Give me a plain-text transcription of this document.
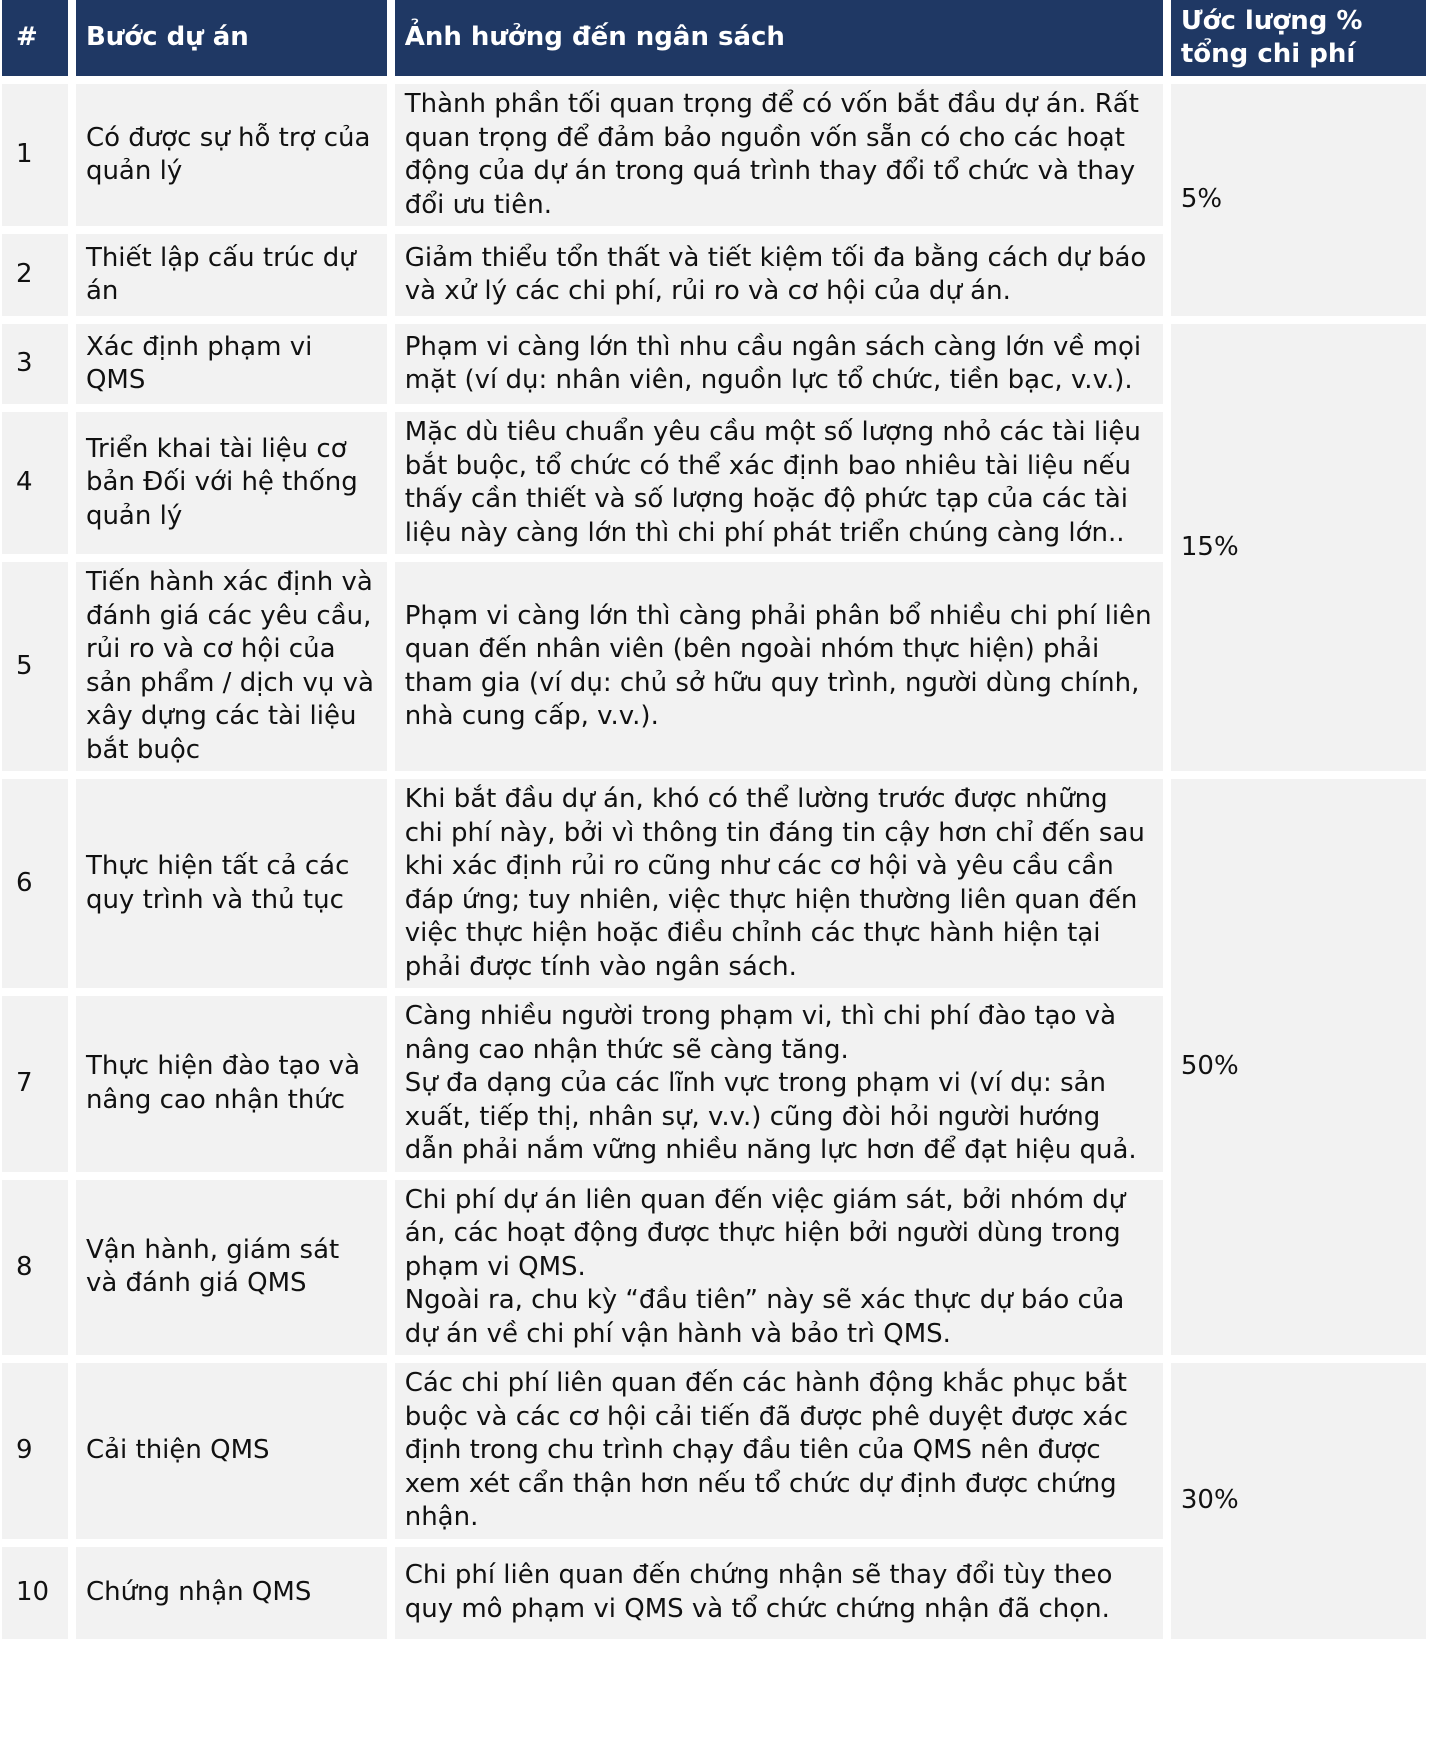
#	Bước dự án	Ảnh hưởng đến ngân sách	Ước lượng %
tổng chi phí

1	Có được sự hỗ trợ của quản lý	Thành phần tối quan trọng để có vốn bắt đầu dự án. Rất quan trọng để đảm bảo nguồn vốn sẵn có cho các hoạt động của dự án trong quá trình thay đổi tổ chức và thay đổi ưu tiên.	5%
2	Thiết lập cấu trúc dự án	Giảm thiểu tổn thất và tiết kiệm tối đa bằng cách dự báo và xử lý các chi phí, rủi ro và cơ hội của dự án.	
3	Xác định phạm vi QMS	Phạm vi càng lớn thì nhu cầu ngân sách càng lớn về mọi mặt (ví dụ: nhân viên, nguồn lực tổ chức, tiền bạc, v.v.).	15%
4	Triển khai tài liệu cơ bản Đối với hệ thống quản lý	Mặc dù tiêu chuẩn yêu cầu một số lượng nhỏ các tài liệu bắt buộc, tổ chức có thể xác định bao nhiêu tài liệu nếu thấy cần thiết và số lượng hoặc độ phức tạp của các tài liệu này càng lớn thì chi phí phát triển chúng càng lớn..	
5	Tiến hành xác định và đánh giá các yêu cầu, rủi ro và cơ hội của sản phẩm / dịch vụ và xây dựng các tài liệu bắt buộc	Phạm vi càng lớn thì càng phải phân bổ nhiều chi phí liên quan đến nhân viên (bên ngoài nhóm thực hiện) phải tham gia (ví dụ: chủ sở hữu quy trình, người dùng chính, nhà cung cấp, v.v.).	
6	Thực hiện tất cả các quy trình và thủ tục	Khi bắt đầu dự án, khó có thể lường trước được những chi phí này, bởi vì thông tin đáng tin cậy hơn chỉ đến sau khi xác định rủi ro cũng như các cơ hội và yêu cầu cần đáp ứng; tuy nhiên, việc thực hiện thường liên quan đến việc thực hiện hoặc điều chỉnh các thực hành hiện tại phải được tính vào ngân sách.	50%
7	Thực hiện đào tạo và nâng cao nhận thức	Càng nhiều người trong phạm vi, thì chi phí đào tạo và nâng cao nhận thức sẽ càng tăng.
Sự đa dạng của các lĩnh vực trong phạm vi (ví dụ: sản xuất, tiếp thị, nhân sự, v.v.) cũng đòi hỏi người hướng dẫn phải nắm vững nhiều năng lực hơn để đạt hiệu quả.	

8	Vận hành, giám sát và đánh giá QMS	Chi phí dự án liên quan đến việc giám sát, bởi nhóm dự án, các hoạt động được thực hiện bởi người dùng trong phạm vi QMS.
Ngoài ra, chu kỳ “đầu tiên” này sẽ xác thực dự báo của dự án về chi phí vận hành và bảo trì QMS.	

9	Cải thiện QMS	Các chi phí liên quan đến các hành động khắc phục bắt buộc và các cơ hội cải tiến đã được phê duyệt được xác định trong chu trình chạy đầu tiên của QMS nên được xem xét cẩn thận hơn nếu tổ chức dự định được chứng nhận.	30%
10	Chứng nhận QMS	Chi phí liên quan đến chứng nhận sẽ thay đổi tùy theo quy mô phạm vi QMS và tổ chức chứng nhận đã chọn.	
